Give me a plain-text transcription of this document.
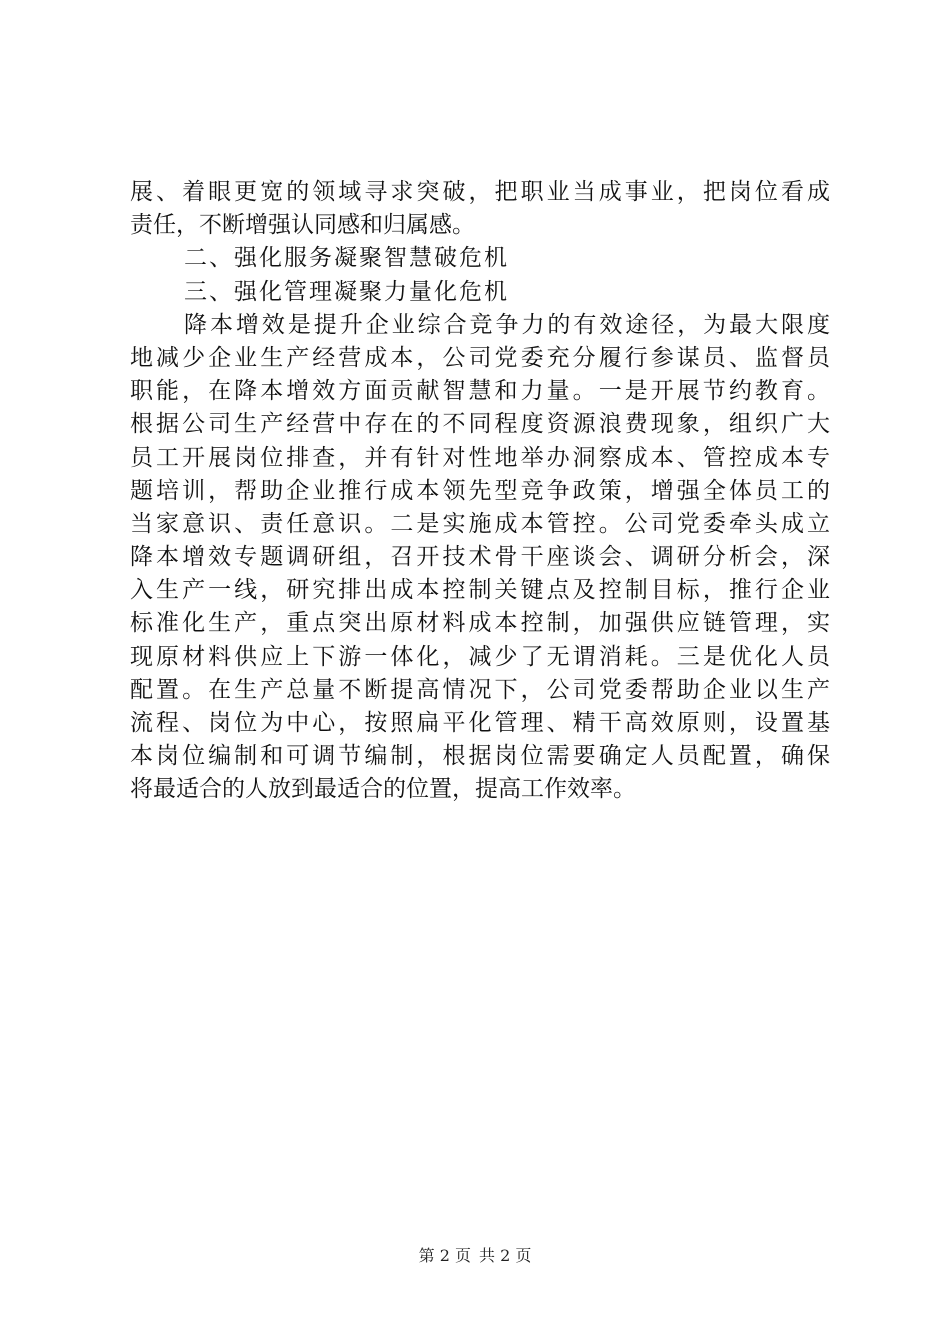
展、着眼更宽的领域寻求突破，把职业当成事业，把岗位看成
责任，不断增强认同感和归属感。
二、强化服务凝聚智慧破危机
三、强化管理凝聚力量化危机
降本增效是提升企业综合竞争力的有效途径，为最大限度
地减少企业生产经营成本，公司党委充分履行参谋员、监督员
职能，在降本增效方面贡献智慧和力量。一是开展节约教育。
根据公司生产经营中存在的不同程度资源浪费现象，组织广大
员工开展岗位排查，并有针对性地举办洞察成本、管控成本专
题培训，帮助企业推行成本领先型竞争政策，增强全体员工的
当家意识、责任意识。二是实施成本管控。公司党委牵头成立
降本增效专题调研组，召开技术骨干座谈会、调研分析会，深
入生产一线，研究排出成本控制关键点及控制目标，推行企业
标准化生产，重点突出原材料成本控制，加强供应链管理，实
现原材料供应上下游一体化，减少了无谓消耗。三是优化人员
配置。在生产总量不断提高情况下，公司党委帮助企业以生产
流程、岗位为中心，按照扁平化管理、精干高效原则，设置基
本岗位编制和可调节编制，根据岗位需要确定人员配置，确保
将最适合的人放到最适合的位置，提高工作效率。
第 2 页 共 2 页
